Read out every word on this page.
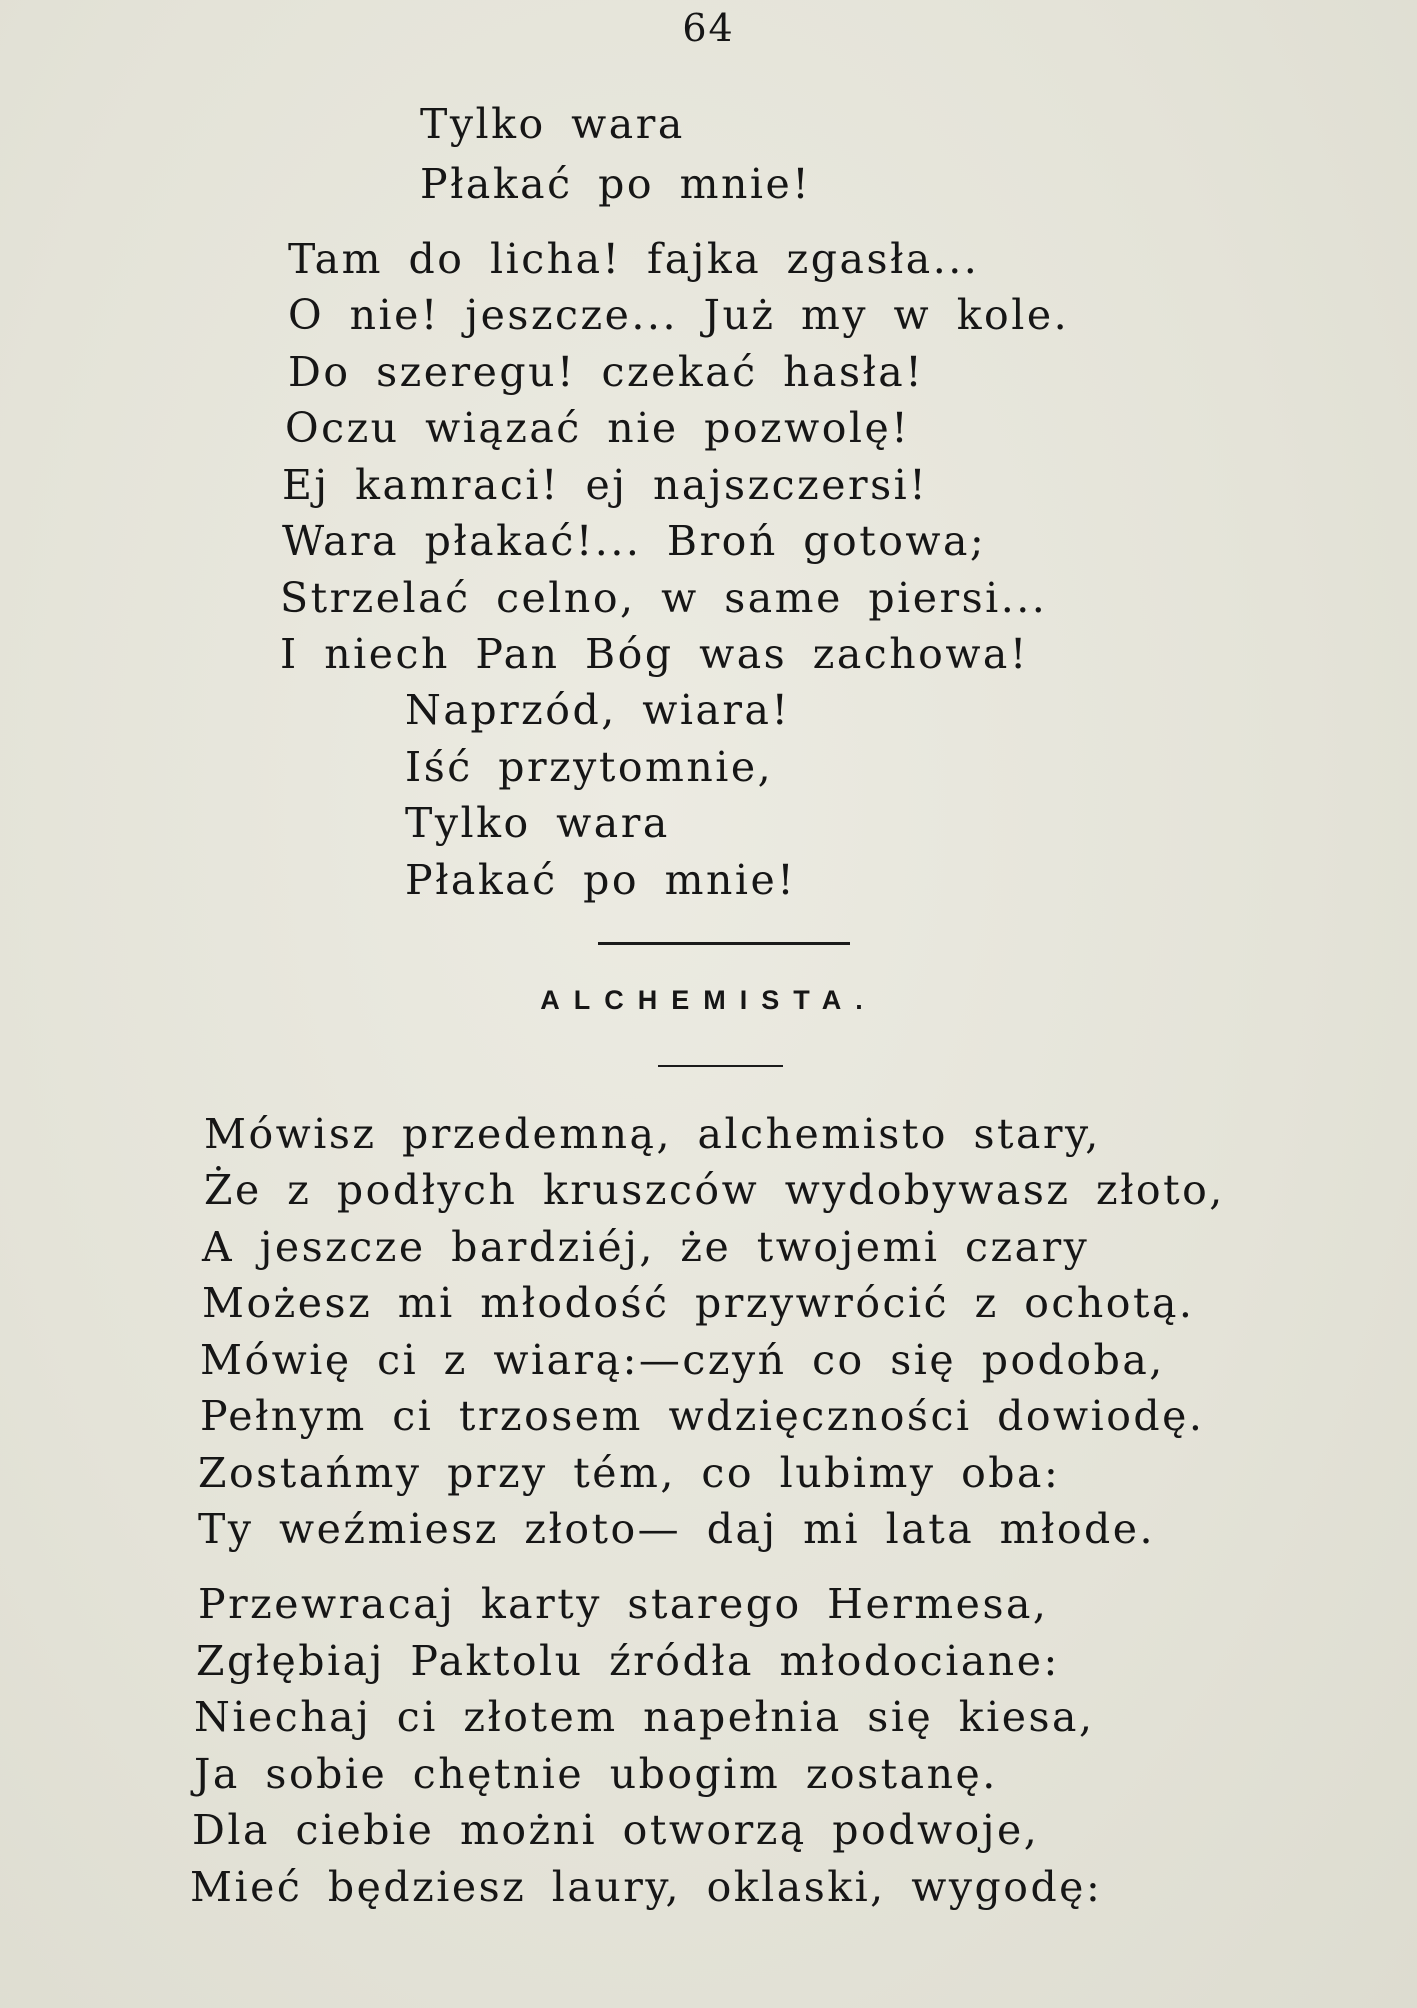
64
Tylko wara
Płakać po mnie!
Tam do licha! fajka zgasła...
O nie! jeszcze... Już my w kole.
Do szeregu! czekać hasła!
Oczu wiązać nie pozwolę!
Ej kamraci! ej najszczersi!
Wara płakać!... Broń gotowa;
Strzelać celno, w same piersi...
I niech Pan Bóg was zachowa!
Naprzód, wiara!
Iść przytomnie,
Tylko wara
Płakać po mnie!
ALCHEMISTA.
Mówisz przedemną, alchemisto stary,
Że z podłych kruszców wydobywasz złoto,
A jeszcze bardziéj, że twojemi czary
Możesz mi młodość przywrócić z ochotą.
Mówię ci z wiarą:—czyń co się podoba,
Pełnym ci trzosem wdzięczności dowiodę.
Zostańmy przy tém, co lubimy oba:
Ty weźmiesz złoto— daj mi lata młode.
Przewracaj karty starego Hermesa,
Zgłębiaj Paktolu źródła młodociane:
Niechaj ci złotem napełnia się kiesa,
Ja sobie chętnie ubogim zostanę.
Dla ciebie możni otworzą podwoje,
Mieć będziesz laury, oklaski, wygodę:
